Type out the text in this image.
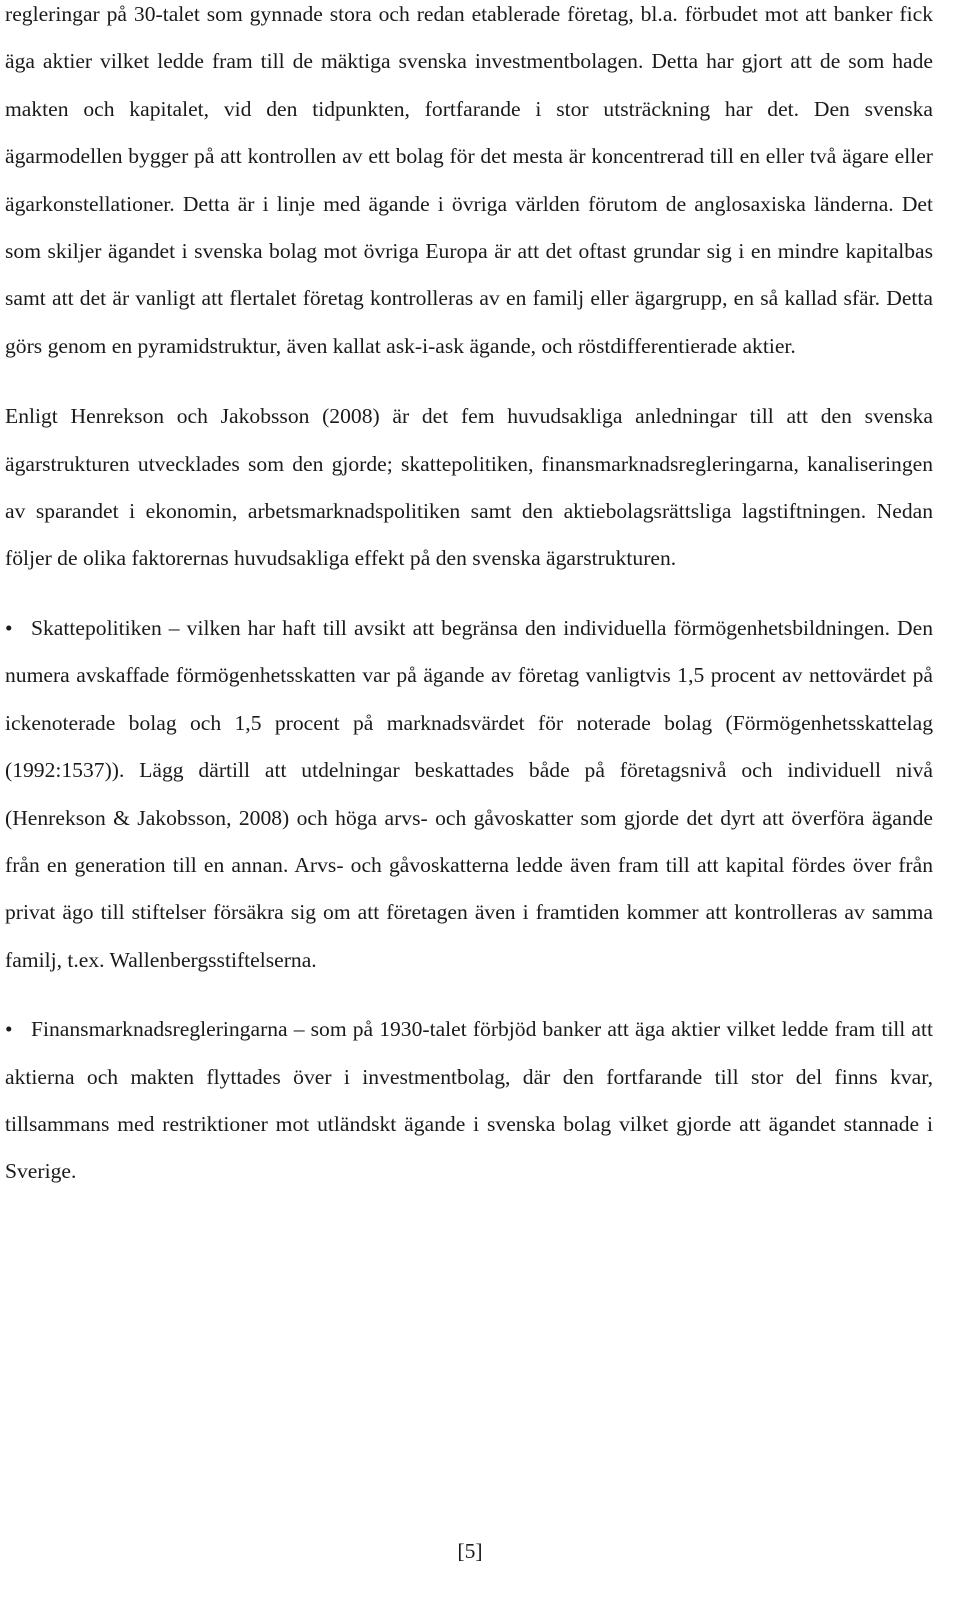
regleringar på 30-talet som gynnade stora och redan etablerade företag, bl.a. förbudet mot att banker fick äga aktier vilket ledde fram till de mäktiga svenska investmentbolagen. Detta har gjort att de som hade makten och kapitalet, vid den tidpunkten, fortfarande i stor utsträckning har det. Den svenska ägarmodellen bygger på att kontrollen av ett bolag för det mesta är koncentrerad till en eller två ägare eller ägarkonstellationer. Detta är i linje med ägande i övriga världen förutom de anglosaxiska länderna. Det som skiljer ägandet i svenska bolag mot övriga Europa är att det oftast grundar sig i en mindre kapitalbas samt att det är vanligt att flertalet företag kontrolleras av en familj eller ägargrupp, en så kallad sfär. Detta görs genom en pyramidstruktur, även kallat ask-i-ask ägande, och röstdifferentierade aktier.

Enligt Henrekson och Jakobsson (2008) är det fem huvudsakliga anledningar till att den svenska ägarstrukturen utvecklades som den gjorde; skattepolitiken, finansmarknadsregleringarna, kanaliseringen av sparandet i ekonomin, arbetsmarknadspolitiken samt den aktiebolagsrättsliga lagstiftningen. Nedan följer de olika faktorernas huvudsakliga effekt på den svenska ägarstrukturen.

• Skattepolitiken – vilken har haft till avsikt att begränsa den individuella förmögenhetsbildningen. Den numera avskaffade förmögenhetsskatten var på ägande av företag vanligtvis 1,5 procent av nettovärdet på ickenoterade bolag och 1,5 procent på marknadsvärdet för noterade bolag (Förmögenhetsskattelag (1992:1537)). Lägg därtill att utdelningar beskattades både på företagsnivå och individuell nivå (Henrekson & Jakobsson, 2008) och höga arvs- och gåvoskatter som gjorde det dyrt att överföra ägande från en generation till en annan. Arvs- och gåvoskatterna ledde även fram till att kapital fördes över från privat ägo till stiftelser försäkra sig om att företagen även i framtiden kommer att kontrolleras av samma familj, t.ex. Wallenbergsstiftelserna.

• Finansmarknadsregleringarna – som på 1930-talet förbjöd banker att äga aktier vilket ledde fram till att aktierna och makten flyttades över i investmentbolag, där den fortfarande till stor del finns kvar, tillsammans med restriktioner mot utländskt ägande i svenska bolag vilket gjorde att ägandet stannade i Sverige.

[5]
